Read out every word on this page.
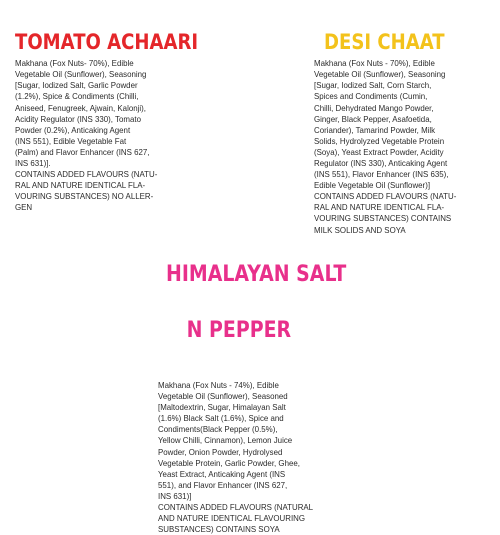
TOMATO ACHAARI

Makhana (Fox Nuts- 70%), Edible
Vegetable Oil (Sunflower), Seasoning
[Sugar, Iodized Salt, Garlic Powder
(1.2%), Spice & Condiments (Chilli,
Aniseed, Fenugreek, Ajwain, Kalonji),
Acidity Regulator (INS 330), Tomato
Powder (0.2%), Anticaking Agent
(INS 551), Edible Vegetable Fat
(Palm) and Flavor Enhancer (INS 627,
INS 631)].
CONTAINS ADDED FLAVOURS (NATU-
RAL AND NATURE IDENTICAL FLA-
VOURING SUBSTANCES) NO ALLER-
GEN

DESI CHAAT

Makhana (Fox Nuts - 70%), Edible
Vegetable Oil (Sunflower), Seasoning
[Sugar, Iodized Salt, Corn Starch,
Spices and Condiments (Cumin,
Chilli, Dehydrated Mango Powder,
Ginger, Black Pepper, Asafoetida,
Coriander), Tamarind Powder, Milk
Solids, Hydrolyzed Vegetable Protein
(Soya), Yeast Extract Powder, Acidity
Regulator (INS 330), Anticaking Agent
(INS 551), Flavor Enhancer (INS 635),
Edible Vegetable Oil (Sunflower)]
CONTAINS ADDED FLAVOURS (NATU-
RAL AND NATURE IDENTICAL FLA-
VOURING SUBSTANCES) CONTAINS
MILK SOLIDS AND SOYA

HIMALAYAN SALT

N PEPPER

Makhana (Fox Nuts - 74%), Edible
Vegetable Oil (Sunflower), Seasoned
[Maltodextrin, Sugar, Himalayan Salt
(1.6%) Black Salt (1.6%), Spice and
Condiments(Black Pepper (0.5%),
Yellow Chilli, Cinnamon), Lemon Juice
Powder, Onion Powder, Hydrolysed
Vegetable Protein, Garlic Powder, Ghee,
Yeast Extract, Anticaking Agent (INS
551), and Flavor Enhancer (INS 627,
INS 631)]
CONTAINS ADDED FLAVOURS (NATURAL
AND NATURE IDENTICAL FLAVOURING
SUBSTANCES) CONTAINS SOYA
